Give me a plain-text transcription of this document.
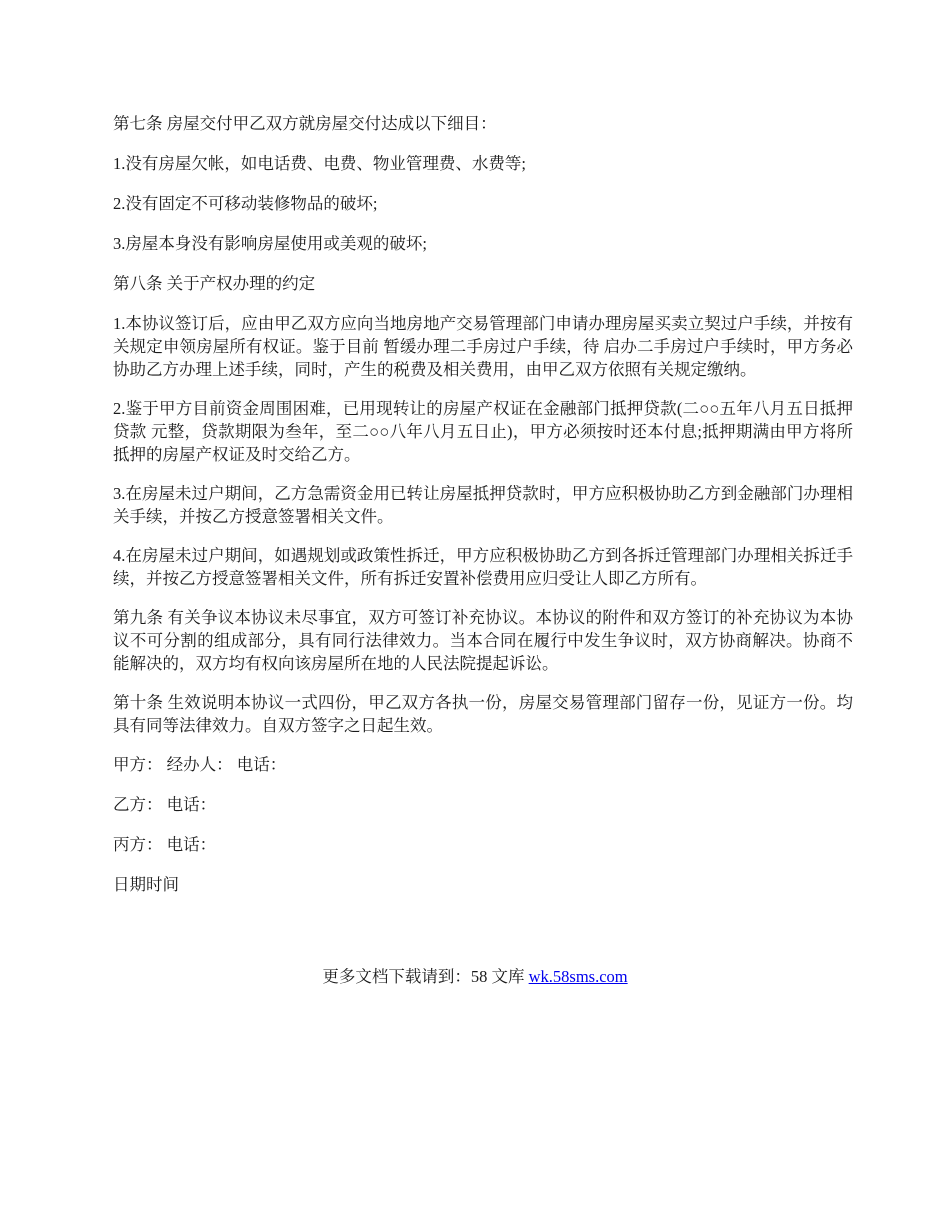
第七条 房屋交付甲乙双方就房屋交付达成以下细目：

1.没有房屋欠帐，如电话费、电费、物业管理费、水费等;

2.没有固定不可移动装修物品的破坏;

3.房屋本身没有影响房屋使用或美观的破坏;

第八条 关于产权办理的约定

1.本协议签订后，应由甲乙双方应向当地房地产交易管理部门申请办理房屋买卖立契过户手续，并按有关规定申领房屋所有权证。鉴于目前 暂缓办理二手房过户手续，待 启办二手房过户手续时，甲方务必协助乙方办理上述手续，同时，产生的税费及相关费用，由甲乙双方依照有关规定缴纳。

2.鉴于甲方目前资金周围困难，已用现转让的房屋产权证在金融部门抵押贷款(二○○五年八月五日抵押贷款 元整，贷款期限为叁年，至二○○八年八月五日止)，甲方必须按时还本付息;抵押期满由甲方将所抵押的房屋产权证及时交给乙方。

3.在房屋未过户期间，乙方急需资金用已转让房屋抵押贷款时，甲方应积极协助乙方到金融部门办理相关手续，并按乙方授意签署相关文件。

4.在房屋未过户期间，如遇规划或政策性拆迁，甲方应积极协助乙方到各拆迁管理部门办理相关拆迁手续，并按乙方授意签署相关文件，所有拆迁安置补偿费用应归受让人即乙方所有。

第九条 有关争议本协议未尽事宜，双方可签订补充协议。本协议的附件和双方签订的补充协议为本协议不可分割的组成部分，具有同行法律效力。当本合同在履行中发生争议时，双方协商解决。协商不能解决的，双方均有权向该房屋所在地的人民法院提起诉讼。

第十条 生效说明本协议一式四份，甲乙双方各执一份，房屋交易管理部门留存一份，见证方一份。均具有同等法律效力。自双方签字之日起生效。

甲方： 经办人： 电话：

乙方： 电话：

丙方： 电话：

日期时间

更多文档下载请到：58 文库 wk.58sms.com
